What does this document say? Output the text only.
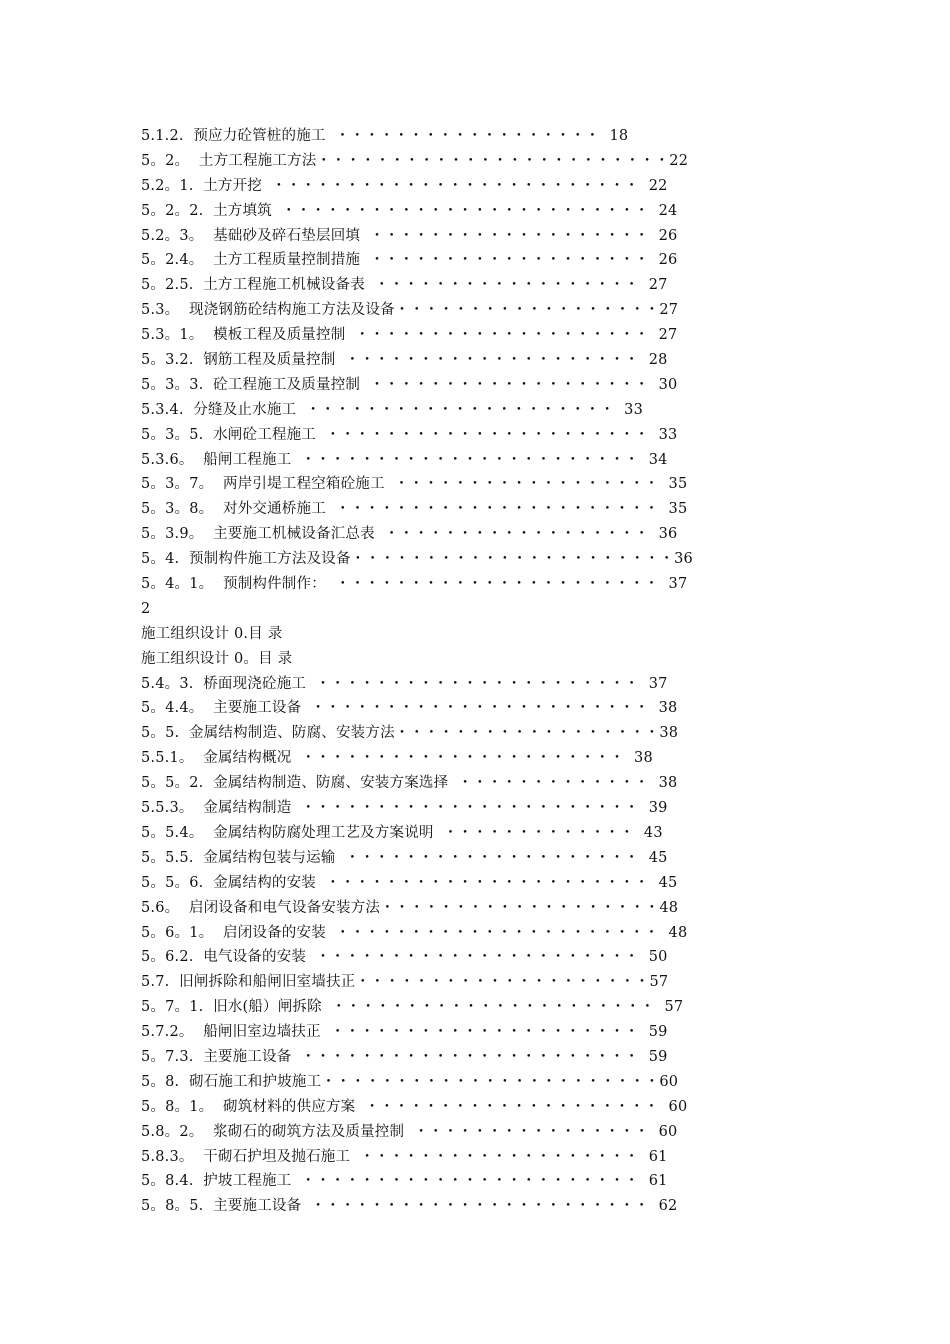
5.1.2.  预应力砼管桩的施工  ・・・・・・・・・・・・・・・・・・  18
5。2。  土方工程施工方法・・・・・・・・・・・・・・・・・・・・・・・・22
5.2。1.  土方开挖  ・・・・・・・・・・・・・・・・・・・・・・・・・  22
5。2。2.  土方填筑  ・・・・・・・・・・・・・・・・・・・・・・・・・  24
5.2。3。  基础砂及碎石垫层回填  ・・・・・・・・・・・・・・・・・・・  26
5。2.4。  土方工程质量控制措施  ・・・・・・・・・・・・・・・・・・・  26
5。2.5.  土方工程施工机械设备表  ・・・・・・・・・・・・・・・・・・  27
5.3。  现浇钢筋砼结构施工方法及设备・・・・・・・・・・・・・・・・・・27
5.3。1。  模板工程及质量控制  ・・・・・・・・・・・・・・・・・・・・  27
5。3.2.  钢筋工程及质量控制  ・・・・・・・・・・・・・・・・・・・・  28
5。3。3.  砼工程施工及质量控制  ・・・・・・・・・・・・・・・・・・・  30
5.3.4.  分缝及止水施工  ・・・・・・・・・・・・・・・・・・・・・  33
5。3。5.  水闸砼工程施工  ・・・・・・・・・・・・・・・・・・・・・・  33
5.3.6。  船闸工程施工  ・・・・・・・・・・・・・・・・・・・・・・・  34
5。3。7。  两岸引堤工程空箱砼施工  ・・・・・・・・・・・・・・・・・・  35
5。3。8。  对外交通桥施工  ・・・・・・・・・・・・・・・・・・・・・・  35
5。3.9。  主要施工机械设备汇总表  ・・・・・・・・・・・・・・・・・・  36
5。4.  预制构件施工方法及设备・・・・・・・・・・・・・・・・・・・・・・36
5。4。1。  预制构件制作：  ・・・・・・・・・・・・・・・・・・・・・・  37
2
施工组织设计 0.目 录
施工组织设计 0。目 录
5.4。3.  桥面现浇砼施工  ・・・・・・・・・・・・・・・・・・・・・・  37
5。4.4。  主要施工设备  ・・・・・・・・・・・・・・・・・・・・・・・  38
5。5.  金属结构制造、防腐、安装方法・・・・・・・・・・・・・・・・・・38
5.5.1。  金属结构概况  ・・・・・・・・・・・・・・・・・・・・・・  38
5。5。2.  金属结构制造、防腐、安装方案选择  ・・・・・・・・・・・・・  38
5.5.3。  金属结构制造  ・・・・・・・・・・・・・・・・・・・・・・・  39
5。5.4。  金属结构防腐处理工艺及方案说明  ・・・・・・・・・・・・・  43
5。5.5.  金属结构包装与运输  ・・・・・・・・・・・・・・・・・・・・  45
5。5。6.  金属结构的安装  ・・・・・・・・・・・・・・・・・・・・・・  45
5.6。  启闭设备和电气设备安装方法・・・・・・・・・・・・・・・・・・・48
5。6。1。  启闭设备的安装  ・・・・・・・・・・・・・・・・・・・・・・  48
5。6.2.  电气设备的安装  ・・・・・・・・・・・・・・・・・・・・・・  50
5.7.  旧闸拆除和船闸旧室墙扶正・・・・・・・・・・・・・・・・・・・・57
5。7。1.  旧水(船）闸拆除  ・・・・・・・・・・・・・・・・・・・・・・  57
5.7.2。  船闸旧室边墙扶正  ・・・・・・・・・・・・・・・・・・・・・  59
5。7.3.  主要施工设备  ・・・・・・・・・・・・・・・・・・・・・・・  59
5。8.  砌石施工和护坡施工・・・・・・・・・・・・・・・・・・・・・・・60
5。8。1。  砌筑材料的供应方案  ・・・・・・・・・・・・・・・・・・・・  60
5.8。2。  浆砌石的砌筑方法及质量控制  ・・・・・・・・・・・・・・・・  60
5.8.3。  干砌石护坦及抛石施工  ・・・・・・・・・・・・・・・・・・・  61
5。8.4.  护坡工程施工  ・・・・・・・・・・・・・・・・・・・・・・・  61
5。8。5.  主要施工设备  ・・・・・・・・・・・・・・・・・・・・・・・  62
